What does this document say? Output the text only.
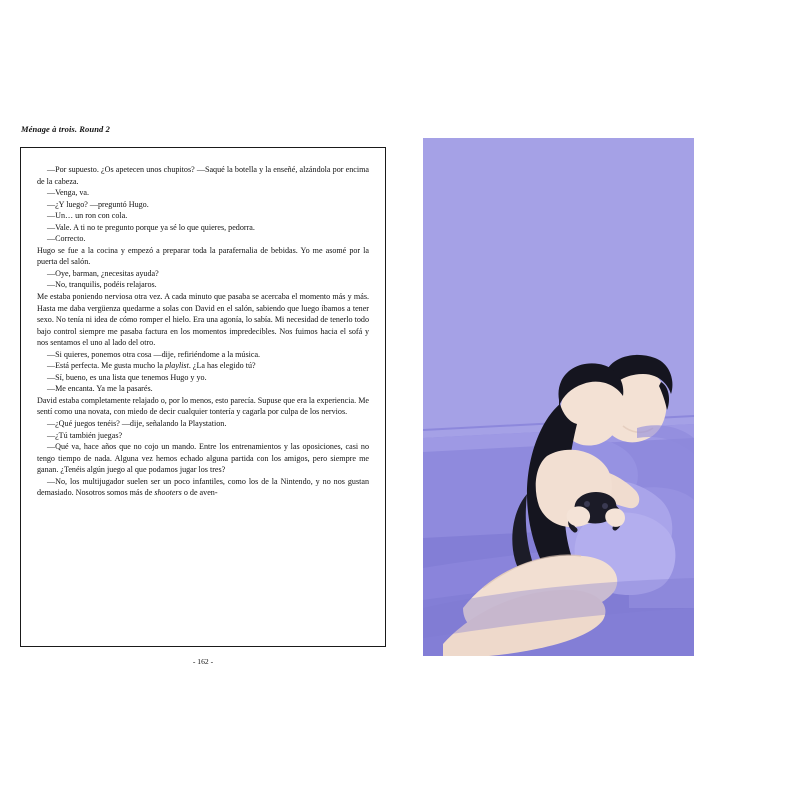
Ménage à trois. Round 2

—Por supuesto. ¿Os apetecen unos chupitos? —Saqué la botella y la enseñé, alzándola por encima de la cabeza.

—Venga, va.

—¿Y luego? —preguntó Hugo.

—Un… un ron con cola.

—Vale. A ti no te pregunto porque ya sé lo que quieres, pedorra.

—Correcto.

Hugo se fue a la cocina y empezó a preparar toda la parafernalia de bebidas. Yo me asomé por la puerta del salón.

—Oye, barman, ¿necesitas ayuda?

—No, tranquilis, podéis relajaros.

Me estaba poniendo nerviosa otra vez. A cada minuto que pasaba se acercaba el momento más y más. Hasta me daba vergüenza quedarme a solas con David en el salón, sabiendo que luego íbamos a tener sexo. No tenía ni idea de cómo romper el hielo. Era una agonía, lo sabía. Mi necesidad de tenerlo todo bajo control siempre me pasaba factura en los momentos impredecibles. Nos fuimos hacia el sofá y nos sentamos el uno al lado del otro.

—Si quieres, ponemos otra cosa —dije, refiriéndome a la música.

—Está perfecta. Me gusta mucho la playlist. ¿La has elegido tú?

—Sí, bueno, es una lista que tenemos Hugo y yo.

—Me encanta. Ya me la pasarés.

David estaba completamente relajado o, por lo menos, esto parecía. Supuse que era la experiencia. Me sentí como una novata, con miedo de decir cualquier tontería y cagarla por culpa de los nervios.

—¿Qué juegos tenéis? —dije, señalando la Playstation.

—¿Tú también juegas?

—Qué va, hace años que no cojo un mando. Entre los entrenamientos y las oposiciones, casi no tengo tiempo de nada. Alguna vez hemos echado alguna partida con los amigos, pero siempre me ganan. ¿Tenéis algún juego al que podamos jugar los tres?

—No, los multijugador suelen ser un poco infantiles, como los de la Nintendo, y no nos gustan demasiado. Nosotros somos más de shooters o de aven-

- 162 -
